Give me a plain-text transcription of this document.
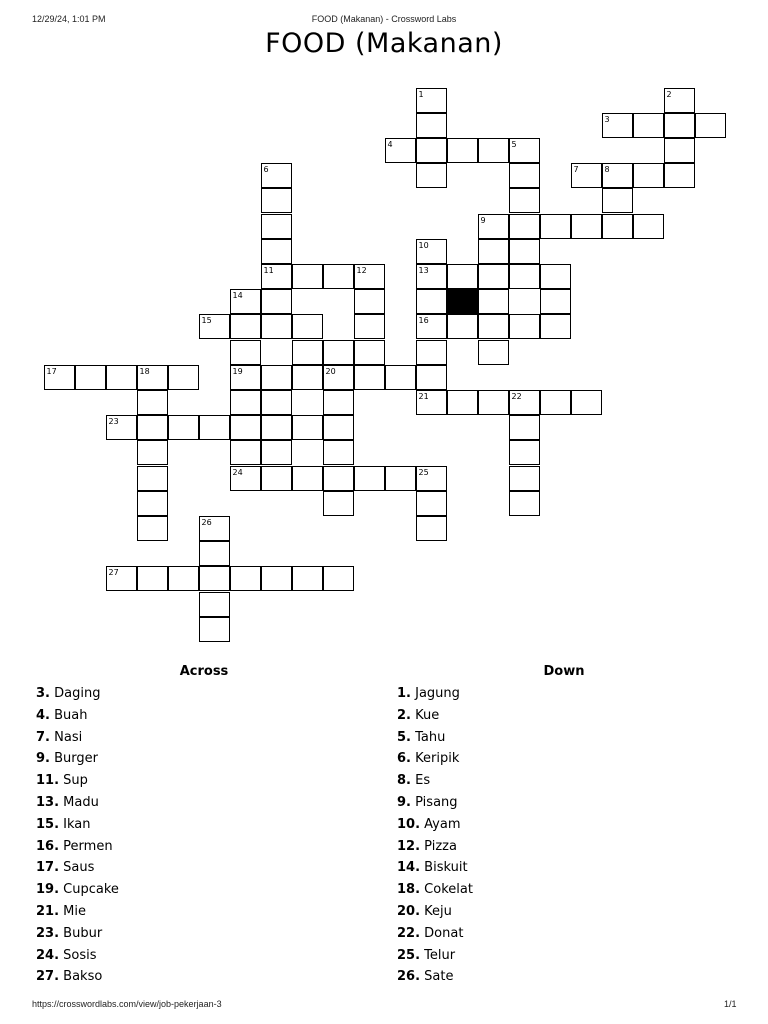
12/29/24, 1:01 PM	FOOD (Makanan) - Crossword Labs
FOOD (Makanan)
1	2
5
6
11
8
10
13
16
12
14
19
18	20
22
25
26
3
4
7
9
15
17
21
23
24
27
Across
3. Daging
4. Buah
7. Nasi
9. Burger
11. Sup
13. Madu
15. Ikan
16. Permen
17. Saus
19. Cupcake
21. Mie
23. Bubur
24. Sosis
27. Bakso
Down
1. Jagung
2. Kue
5. Tahu
6. Keripik
8. Es
9. Pisang
10. Ayam
12. Pizza
14. Biskuit
18. Cokelat
20. Keju
22. Donat
25. Telur
26. Sate
https://crosswordlabs.com/view/job-pekerjaan-3	1/1
